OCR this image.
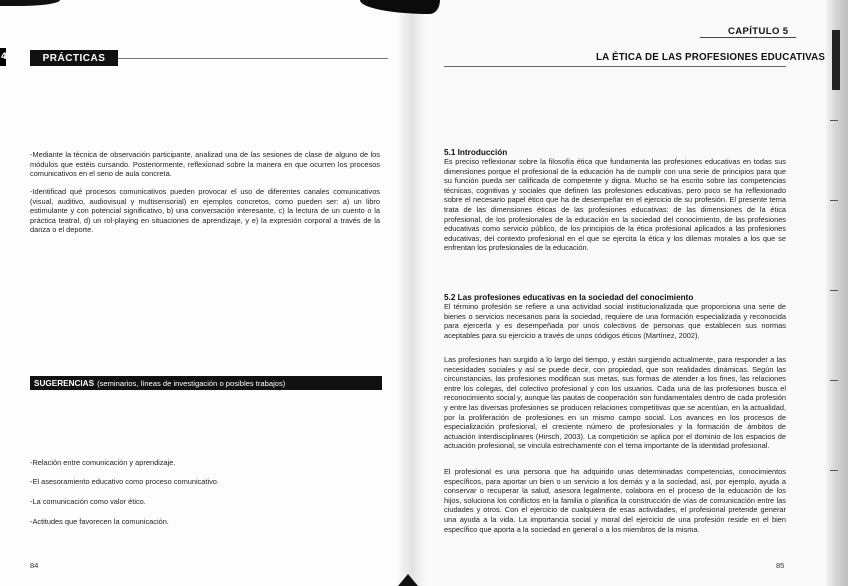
4	PRÁCTICAS
-Mediante la técnica de observación participante, analizad una de las sesiones de clase de alguno de los módulos que estéis cursando. Posteriormente, reflexionad sobre la manera en que ocurren los procesos comunicativos en el seno de aula concreta.
-Identificad qué procesos comunicativos pueden provocar el uso de diferentes canales comunicativos (visual, auditivo, audiovisual y multisensorial) en ejemplos concretos, como pueden ser: a) un libro estimulante y con potencial significativo, b) una conversación interesante, c) la lectura de un cuento o la práctica teatral, d) un rol-playing en situaciones de aprendizaje, y e) la expresión corporal a través de la danza o el deporte.
SUGERENCIAS (seminarios, líneas de investigación o posibles trabajos)
-Relación entre comunicación y aprendizaje.
-El asesoramiento educativo como proceso comunicativo.
-La comunicación como valor ético.
-Actitudes que favorecen la comunicación.
84
CAPÍTULO 5
LA ÉTICA DE LAS PROFESIONES EDUCATIVAS
5.1 Introducción
Es preciso reflexionar sobre la filosofía ética que fundamenta las profesiones educativas en todas sus dimensiones porque el profesional de la educación ha de cumplir con una serie de principios para que su función pueda ser calificada de competente y digna. Mucho se ha escrito sobre las competencias técnicas, cognitivas y sociales que definen las profesiones educativas, pero poco se ha reflexionado sobre el necesario papel ético que ha de desempeñar en el ejercicio de su profesión. El presente tema trata de las dimensiones éticas de las profesiones educativas: de las dimensiones de la ética profesional, de los profesionales de la educación en la sociedad del conocimiento, de las profesiones educativas como servicio público, de los principios de la ética profesional aplicados a las profesiones educativas, del contexto profesional en el que se ejercita la ética y los dilemas morales a los que se enfrentan los profesionales de la educación.
5.2 Las profesiones educativas en la sociedad del conocimiento
El término profesión se refiere a una actividad social institucionalizada que proporciona una serie de bienes o servicios necesarios para la sociedad, requiere de una formación especializada y reconocida para ejercerla y es desempeñada por unos colectivos de personas que establecen sus normas aceptables para su ejercicio a través de unos códigos éticos (Martínez, 2002).
Las profesiones han surgido a lo largo del tiempo, y están surgiendo actualmente, para responder a las necesidades sociales y así se puede decir, con propiedad, que son realidades dinámicas. Según las circunstancias, las profesiones modifican sus metas, sus formas de atender a los fines, las relaciones entre los colegas, del colectivo profesional y con los usuarios. Cada una de las profesiones busca el reconocimiento social y, aunque las pautas de cooperación son fundamentales dentro de cada profesión y entre las diversas profesiones se producen relaciones competitivas que se acentúan, en la actualidad, por la proliferación de profesiones en un mismo campo social. Los avances en los procesos de especialización profesional, el creciente número de profesionales y la formación de ámbitos de actuación interdisciplinares (Hirsch, 2003). La competición se aplica por el dominio de los espacios de actuación profesional, se vincula estrechamente con el tema importante de la identidad profesional.
El profesional es una persona que ha adquirido unas determinadas competencias, conocimientos específicos, para aportar un bien o un servicio a los demás y a la sociedad, así, por ejemplo, ayuda a conservar o recuperar la salud, asesora legalmente, colabora en el proceso de la educación de los hijos, soluciona los conflictos en la familia o planifica la construcción de vías de comunicación entre las ciudades y otros. Con el ejercicio de cualquiera de esas actividades, el profesional pretende generar una ayuda a la vida. La importancia social y moral del ejercicio de una profesión reside en el bien específico que aporta a la sociedad en general o a los miembros de la misma.
85
